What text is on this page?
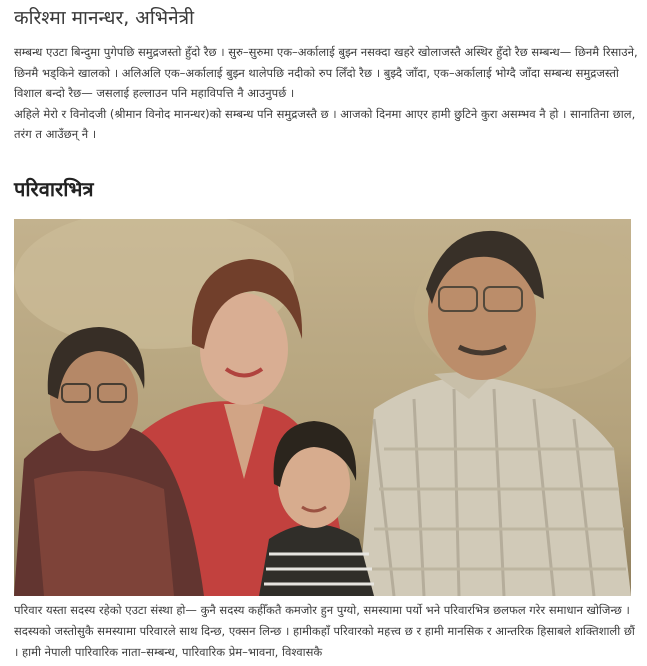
करिश्मा मानन्धर, अभिनेत्री

सम्बन्ध एउटा बिन्दुमा पुगेपछि समुद्रजस्तो हुँदो रैछ । सुरु–सुरुमा एक–अर्कालाई बुझ्न नसक्दा खहरे खोलाजस्तै अस्थिर हुँदो रैछ सम्बन्ध— छिनमै रिसाउने, छिनमै भड्किने खालको । अलिअलि एक–अर्कालाई बुझ्न थालेपछि नदीको रुप लिँदो रैछ । बुझ्दै जाँदा, एक–अर्कालाई भोग्दै जाँदा सम्बन्ध समुद्रजस्तो विशाल बन्दो रैछ— जसलाई हल्लाउन पनि महाविपत्ति नै आउनुपर्छ ।

अहिले मेरो र विनोदजी (श्रीमान विनोद मानन्धर)को सम्बन्ध पनि समुद्रजस्तै छ । आजको दिनमा आएर हामी छुटिने कुरा असम्भव नै हो । सानातिना छाल, तरंग त आउँछन् नै ।

परिवारभित्र

परिवार यस्ता सदस्य रहेको एउटा संस्था हो— कुनै सदस्य कहीँकतै कमजोर हुन पुग्यो, समस्यामा पर्यो भने परिवारभित्र छलफल गरेर समाधान खोजिन्छ । सदस्यको जस्तोसुकै समस्यामा परिवारले साथ दिन्छ, एक्सन लिन्छ । हामीकहाँ परिवारको महत्त्व छ र हामी मानसिक र आन्तरिक हिसाबले शक्तिशाली छौं । हामी नेपाली पारिवारिक नाता–सम्बन्ध, पारिवारिक प्रेम–भावना, विश्वासकै
